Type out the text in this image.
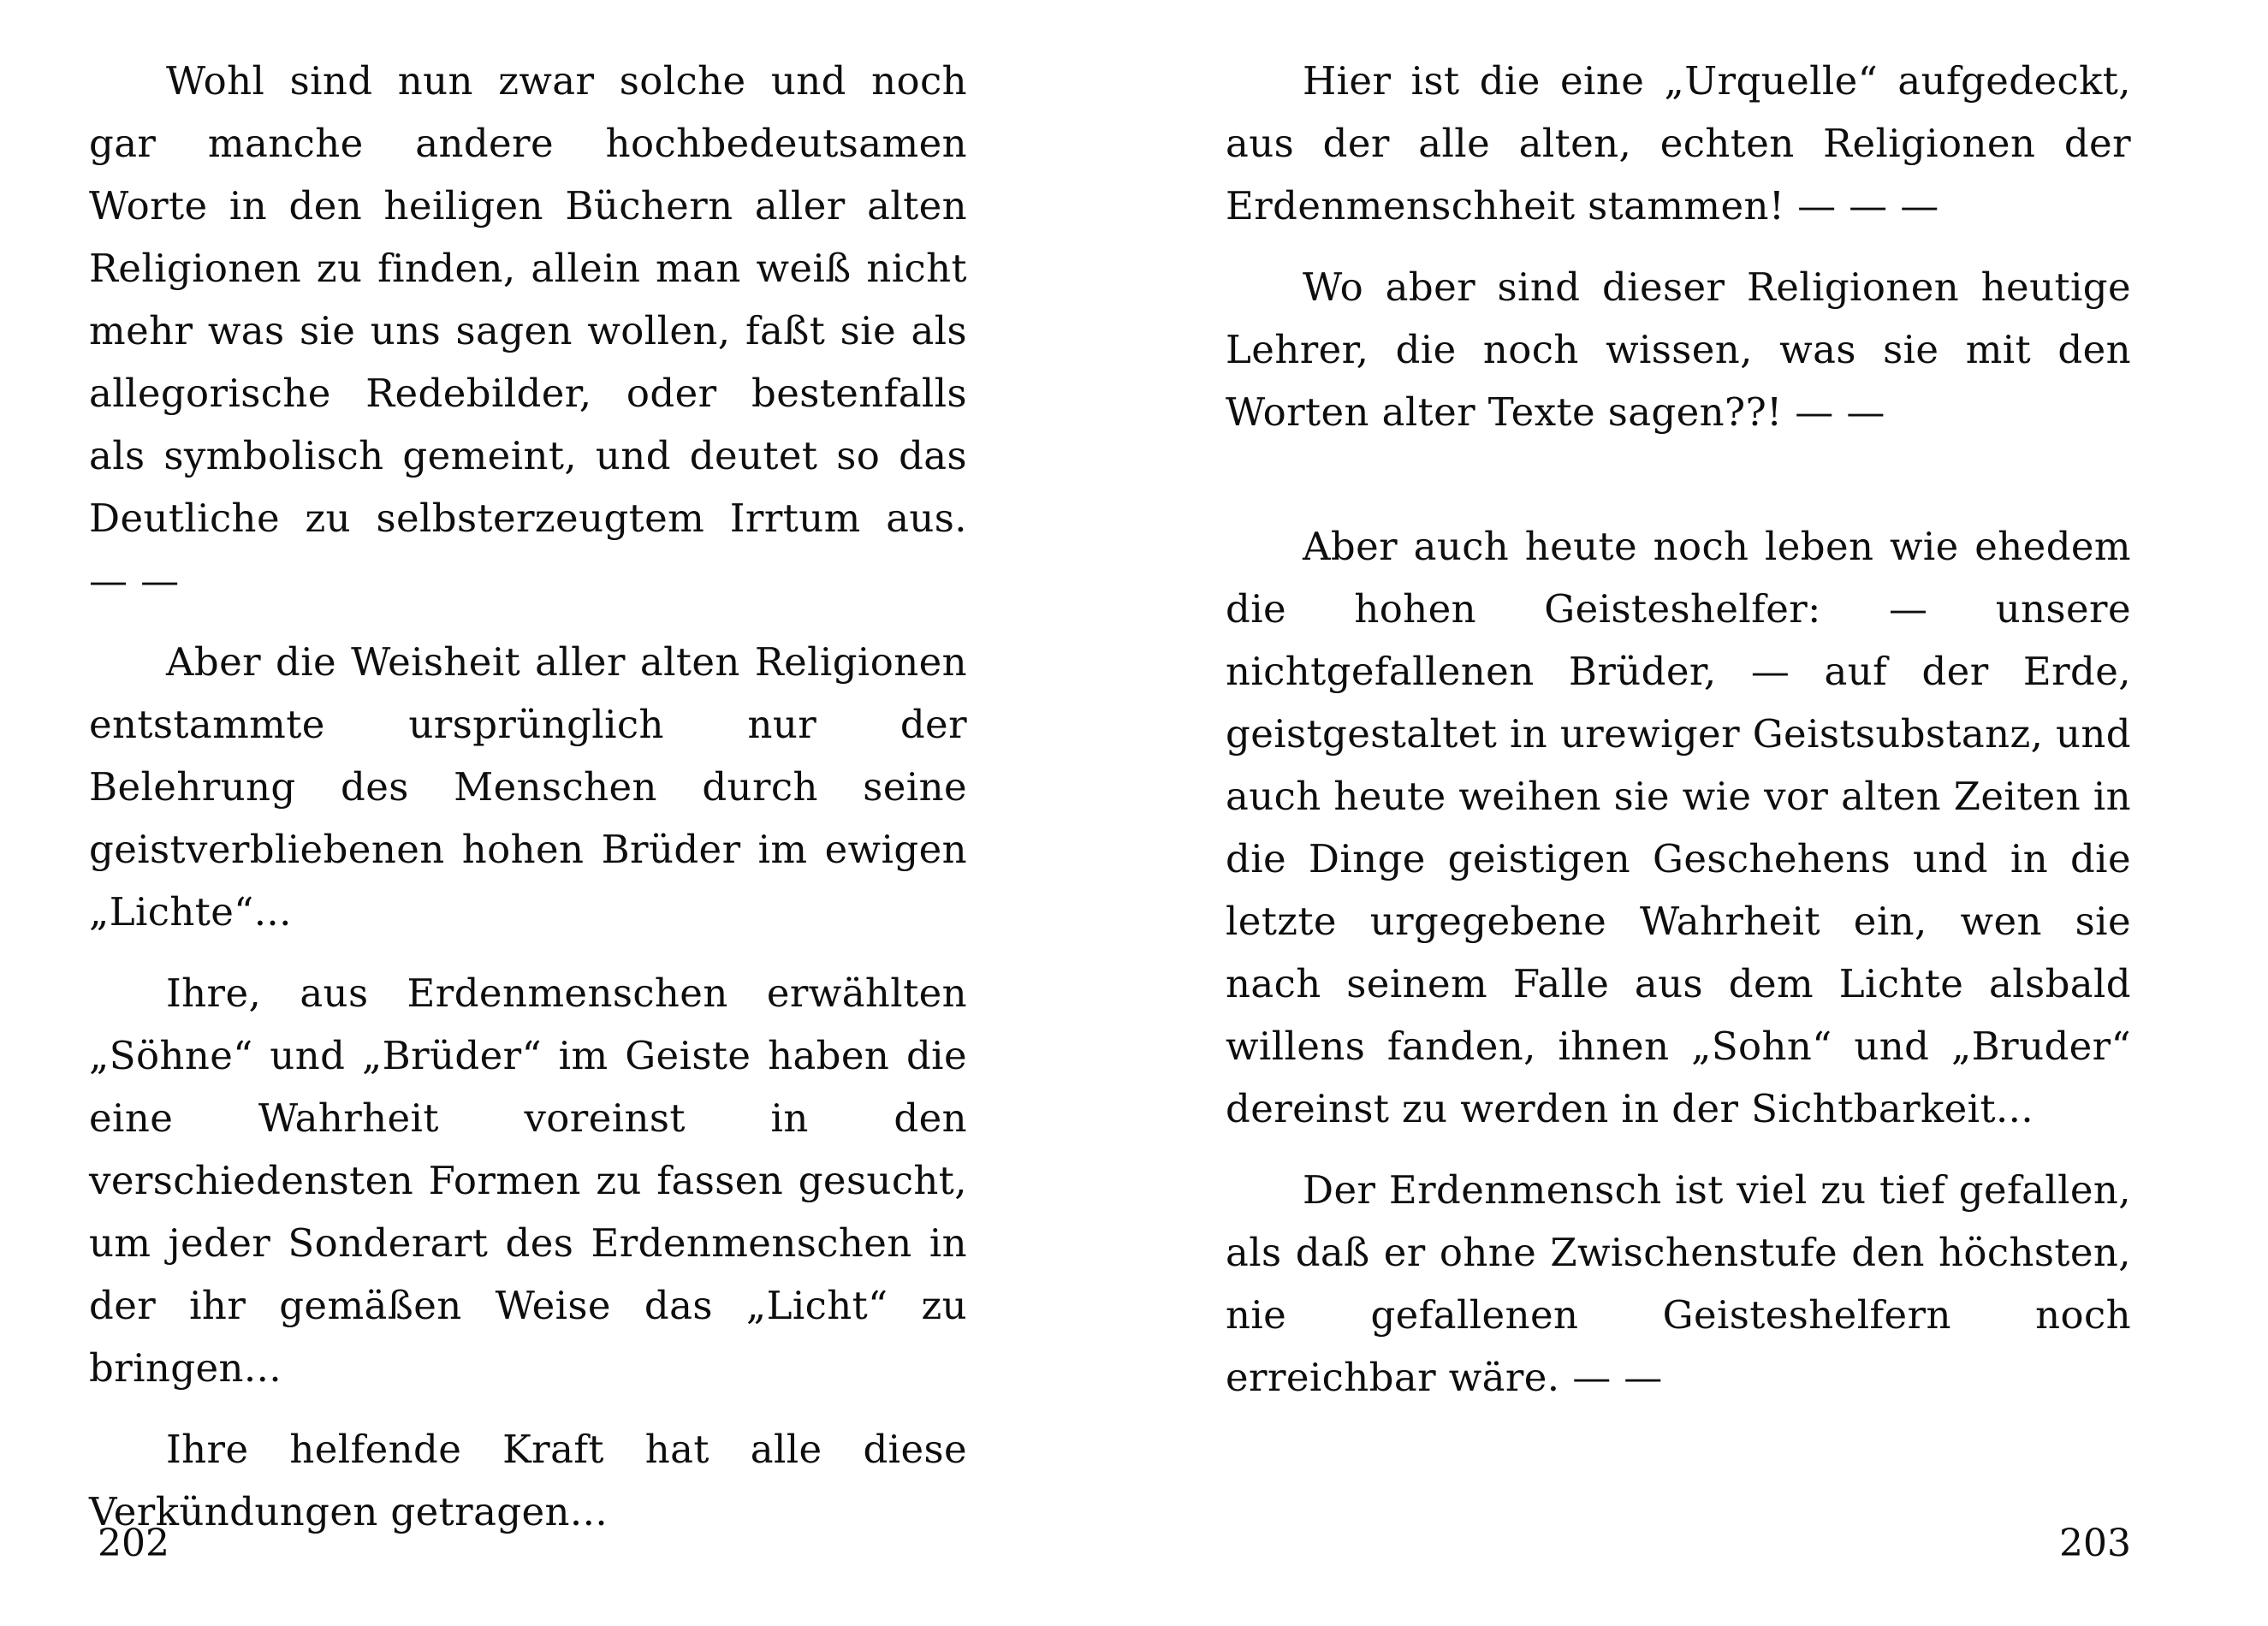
Wohl sind nun zwar solche und noch gar manche andere hochbedeutsamen Worte in den heiligen Büchern aller alten Religionen zu finden, allein man weiß nicht mehr was sie uns sagen wollen, faßt sie als allegorische Redebilder, oder bestenfalls als symbolisch gemeint, und deutet so das Deutliche zu selbsterzeugtem Irrtum aus. — —

Aber die Weisheit aller alten Religionen entstammte ursprünglich nur der Belehrung des Menschen durch seine geistverbliebenen hohen Brüder im ewigen „Lichte“...

Ihre, aus Erdenmenschen erwählten „Söhne“ und „Brüder“ im Geiste haben die eine Wahrheit voreinst in den verschiedensten Formen zu fassen gesucht, um jeder Sonderart des Erdenmenschen in der ihr gemäßen Weise das „Licht“ zu bringen...

Ihre helfende Kraft hat alle diese Verkündungen getragen...

202

Hier ist die eine „Urquelle“ aufgedeckt, aus der alle alten, echten Religionen der Erdenmenschheit stammen! — — —

Wo aber sind dieser Religionen heutige Lehrer, die noch wissen, was sie mit den Worten alter Texte sagen??! — —

Aber auch heute noch leben wie ehedem die hohen Geisteshelfer: — unsere nichtgefallenen Brüder, — auf der Erde, geistgestaltet in urewiger Geistsubstanz, und auch heute weihen sie wie vor alten Zeiten in die Dinge geistigen Geschehens und in die letzte urgegebene Wahrheit ein, wen sie nach seinem Falle aus dem Lichte alsbald willens fanden, ihnen „Sohn“ und „Bruder“ dereinst zu werden in der Sichtbarkeit...

Der Erdenmensch ist viel zu tief gefallen, als daß er ohne Zwischenstufe den höchsten, nie gefallenen Geisteshelfern noch erreichbar wäre. — —

203
